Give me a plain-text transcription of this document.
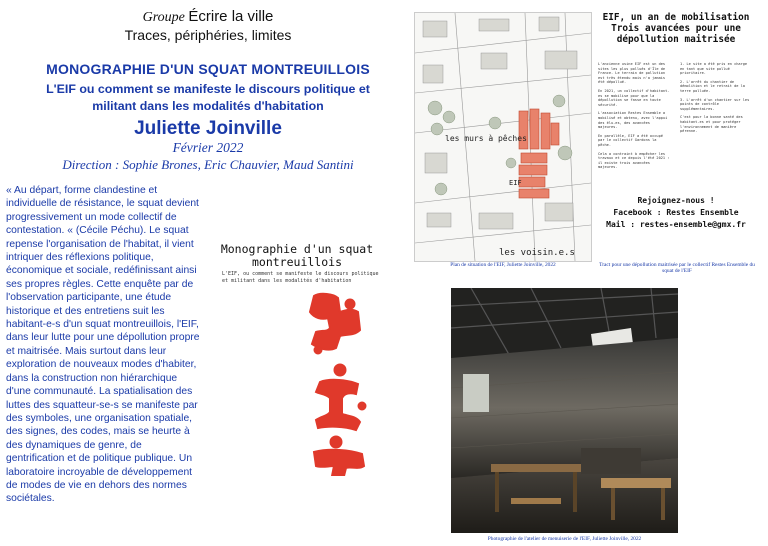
Groupe Écrire la ville
Traces, périphéries, limites
MONOGRAPHIE D'UN SQUAT MONTREUILLOIS
L'EIF ou comment se manifeste le discours politique et militant dans les modalités d'habitation
Juliette Joinville
Février 2022
Direction : Sophie Brones, Eric Chauvier, Maud Santini

« Au départ, forme clandestine et individuelle de résistance, le squat devient progressivement un mode collectif de contestation. « (Cécile Péchu). Le squat repense l'organisation de l'habitat, il vient intriquer des réflexions politique, économique et sociale, redéfinissant ainsi ses propres règles. Cette enquête par de l'observation participante, une étude historique et des entretiens suit les habitant-e-s d'un squat montreuillois, l'EIF, dans leur lutte pour une dépollution propre et maitrisée. Mais surtout dans leur exploration de nouveaux modes d'habiter, dans la construction non hiérarchique d'une communauté. La spatialisation des luttes des squatteur-se-s se manifeste par des symboles, une organisation spatiale, des signes, des codes, mais se heurte à des dynamiques de genre, de gentrification et de politique publique. Un laboratoire incroyable de développement de modes de vie en dehors des normes sociétales.

Monographie d'un squat montreuillois
L'EIF, ou comment se manifeste le discours politique et militant dans les modalités d'habitation
les murs à pêches
EIF
les voisin.e.s
Plan de situation de l'EIF, Juliette Joinville, 2022
EIF, un an de mobilisation Trois avancées pour une dépollution maitrisée
L'ancienne usine EIF est un des sites les plus pollués d'Île de France. Le terrain de pollution est très étendu mais n'a jamais été dépollué.
En 2021, un collectif d'habitant-es se mobilise pour que la dépollution se fasse en toute sécurité.
L'association Restes Ensemble a mobilisé et obtenu, avec l'appui des élu-es, des avancées majeures.
En parallèle, EIF a été occupé par le collectif Gardons la pêche.
Cela a contraint à empêcher les travaux et ce depuis l'été 2021 : il existe trois avancées majeures.
1. Le site a été pris en charge en tant que site pollué prioritaire.
2. L'arrêt du chantier de démolition et le retrait de la terre polluée.
3. L'arrêt d'un chantier sur les points de contrôle supplémentaires.
C'est pour la bonne santé des habitant-es et pour protéger l'environnement de manière pérenne.
Rejoignez-nous !
Facebook : Restes Ensemble
Mail : restes-ensemble@gmx.fr
Tract pour une dépollution maitrisée par le collectif Restes Ensemble du squat de l'EIF
Photographie de l'atelier de menuiserie de l'EIF, Juliette Joinville, 2022
